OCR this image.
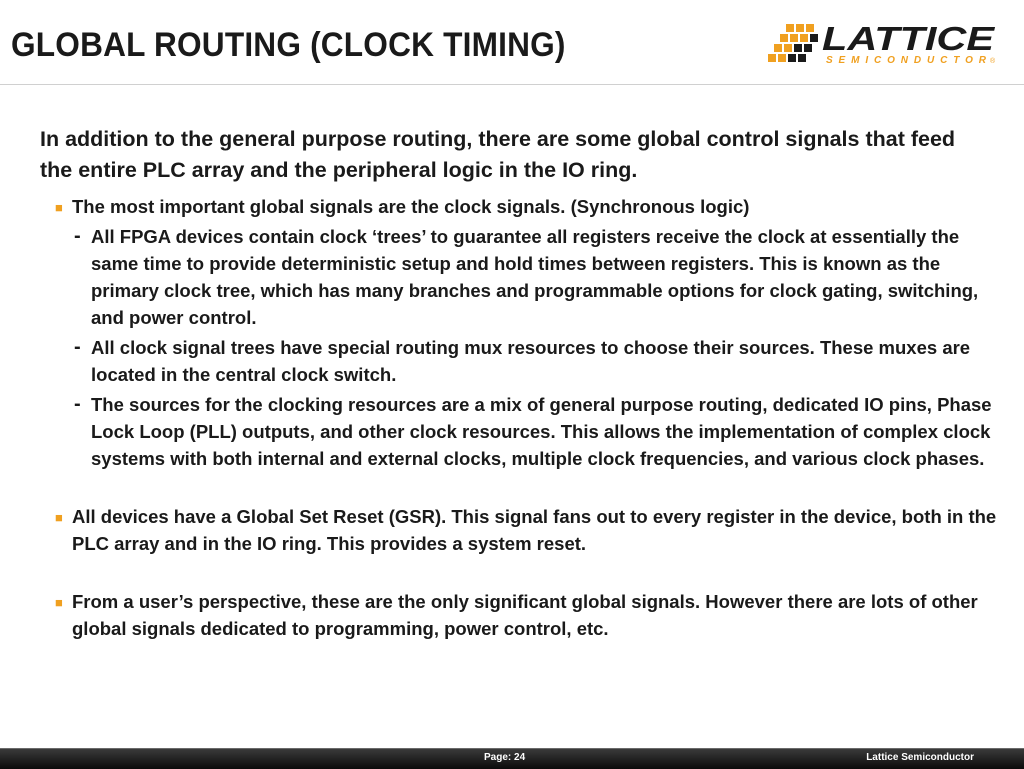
GLOBAL ROUTING (CLOCK TIMING)	LATTICE
SEMICONDUCTOR ®

In addition to the general purpose routing, there are some global control signals that feed the entire PLC array and the peripheral logic in the IO ring.

■ The most important global signals are the clock signals. (Synchronous logic)
- All FPGA devices contain clock ‘trees’ to guarantee all registers receive the clock at essentially the same time to provide deterministic setup and hold times between registers. This is known as the primary clock tree, which has many branches and programmable options for clock gating, switching, and power control.
- All clock signal trees have special routing mux resources to choose their sources. These muxes are located in the central clock switch.
- The sources for the clocking resources are a mix of general purpose routing, dedicated IO pins, Phase Lock Loop (PLL) outputs, and other clock resources. This allows the implementation of complex clock systems with both internal and external clocks, multiple clock frequencies, and various clock phases.
■ All devices have a Global Set Reset (GSR). This signal fans out to every register in the device, both in the PLC array and in the IO ring. This provides a system reset.
■ From a user’s perspective, these are the only significant global signals. However there are lots of other global signals dedicated to programming, power control, etc.
Page: 24	Lattice Semiconductor
